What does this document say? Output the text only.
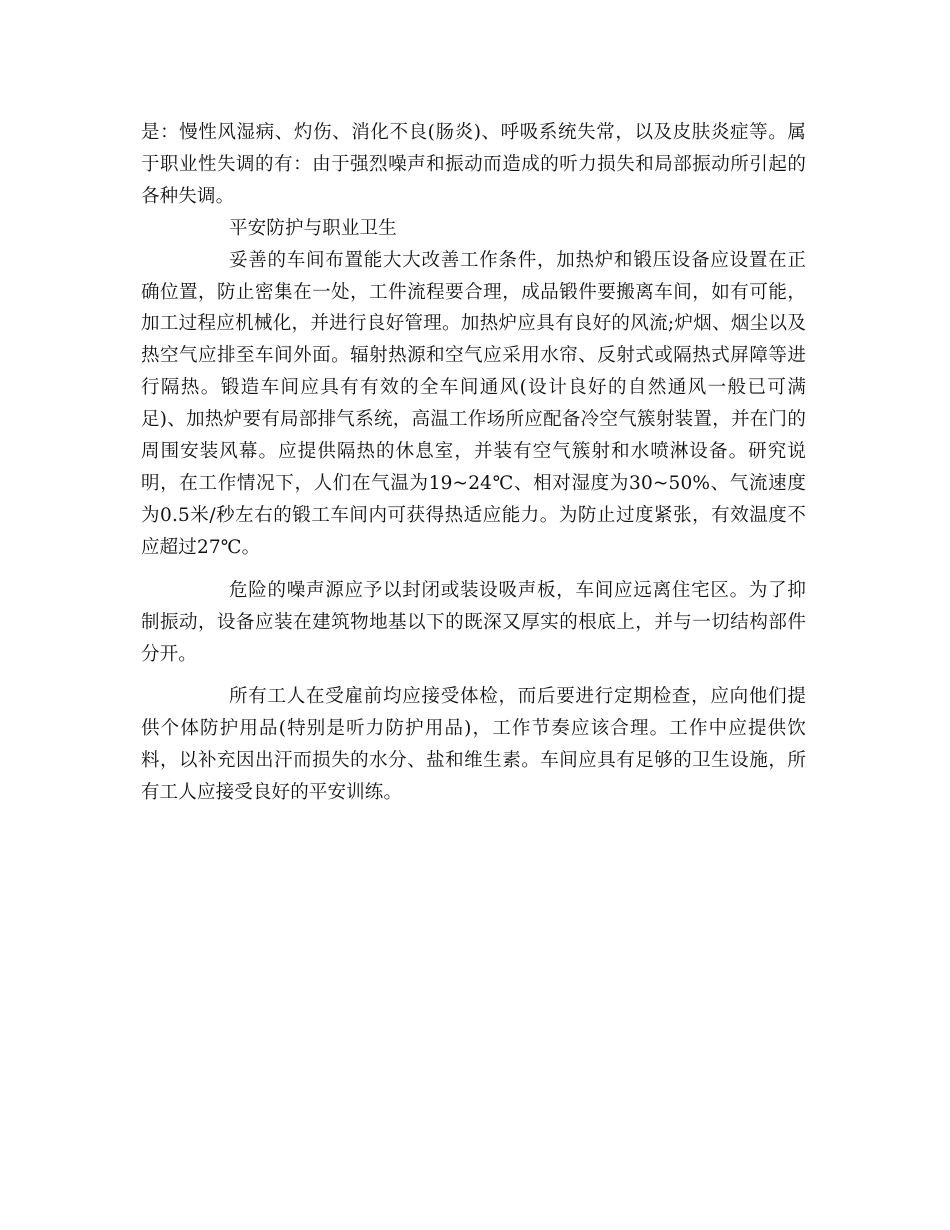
是：慢性风湿病、灼伤、消化不良(肠炎)、呼吸系统失常，以及皮肤炎症等。属于职业性失调的有：由于强烈噪声和振动而造成的听力损失和局部振动所引起的各种失调。

平安防护与职业卫生

妥善的车间布置能大大改善工作条件，加热炉和锻压设备应设置在正确位置，防止密集在一处，工件流程要合理，成品锻件要搬离车间，如有可能，加工过程应机械化，并进行良好管理。加热炉应具有良好的风流;炉烟、烟尘以及热空气应排至车间外面。辐射热源和空气应采用水帘、反射式或隔热式屏障等进行隔热。锻造车间应具有有效的全车间通风(设计良好的自然通风一般已可满足)、加热炉要有局部排气系统，高温工作场所应配备冷空气簇射装置，并在门的周围安装风幕。应提供隔热的休息室，并装有空气簇射和水喷淋设备。研究说明，在工作情况下，人们在气温为19~24℃、相对湿度为30~50%、气流速度为0.5米/秒左右的锻工车间内可获得热适应能力。为防止过度紧张，有效温度不应超过27℃。

危险的噪声源应予以封闭或装设吸声板，车间应远离住宅区。为了抑制振动，设备应装在建筑物地基以下的既深又厚实的根底上，并与一切结构部件分开。

所有工人在受雇前均应接受体检，而后要进行定期检查，应向他们提供个体防护用品(特别是听力防护用品)，工作节奏应该合理。工作中应提供饮料，以补充因出汗而损失的水分、盐和维生素。车间应具有足够的卫生设施，所有工人应接受良好的平安训练。
